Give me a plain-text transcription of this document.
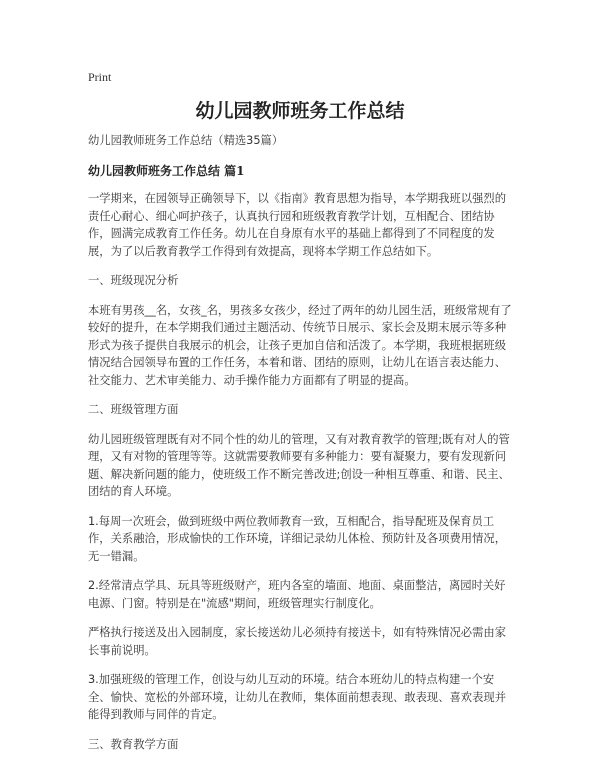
Print
幼儿园教师班务工作总结

幼儿园教师班务工作总结（精选35篇）

幼儿园教师班务工作总结 篇1

一学期来，在园领导正确领导下，以《指南》教育思想为指导，本学期我班以强烈的责任心耐心、细心呵护孩子，认真执行园和班级教育教学计划，互相配合、团结协作，圆满完成教育工作任务。幼儿在自身原有水平的基础上都得到了不同程度的发展，为了以后教育教学工作得到有效提高，现将本学期工作总结如下。

一、班级现况分析

本班有男孩__名，女孩_名，男孩多女孩少，经过了两年的幼儿园生活，班级常规有了较好的提升，在本学期我们通过主题活动、传统节日展示、家长会及期末展示等多种形式为孩子提供自我展示的机会，让孩子更加自信和活泼了。本学期，我班根据班级情况结合园领导布置的工作任务，本着和谐、团结的原则，让幼儿在语言表达能力、社交能力、艺术审美能力、动手操作能力方面都有了明显的提高。

二、班级管理方面

幼儿园班级管理既有对不同个性的幼儿的管理，又有对教育教学的管理;既有对人的管理，又有对物的管理等等。这就需要教师要有多种能力：要有凝聚力，要有发现新问题、解决新问题的能力，使班级工作不断完善改进;创设一种相互尊重、和谐、民主、团结的育人环境。

1.每周一次班会，做到班级中两位教师教育一致，互相配合，指导配班及保育员工作，关系融洽，形成愉快的工作环境，详细记录幼儿体检、预防针及各项费用情况，无一错漏。

2.经常清点学具、玩具等班级财产，班内各室的墙面、地面、桌面整洁，离园时关好电源、门窗。特别是在"流感"期间，班级管理实行制度化。

严格执行接送及出入园制度，家长接送幼儿必须持有接送卡，如有特殊情况必需由家长事前说明。

3.加强班级的管理工作，创设与幼儿互动的环境。结合本班幼儿的特点构建一个安全、愉快、宽松的外部环境，让幼儿在教师，集体面前想表现、敢表现、喜欢表现并能得到教师与同伴的肯定。

三、教育教学方面
